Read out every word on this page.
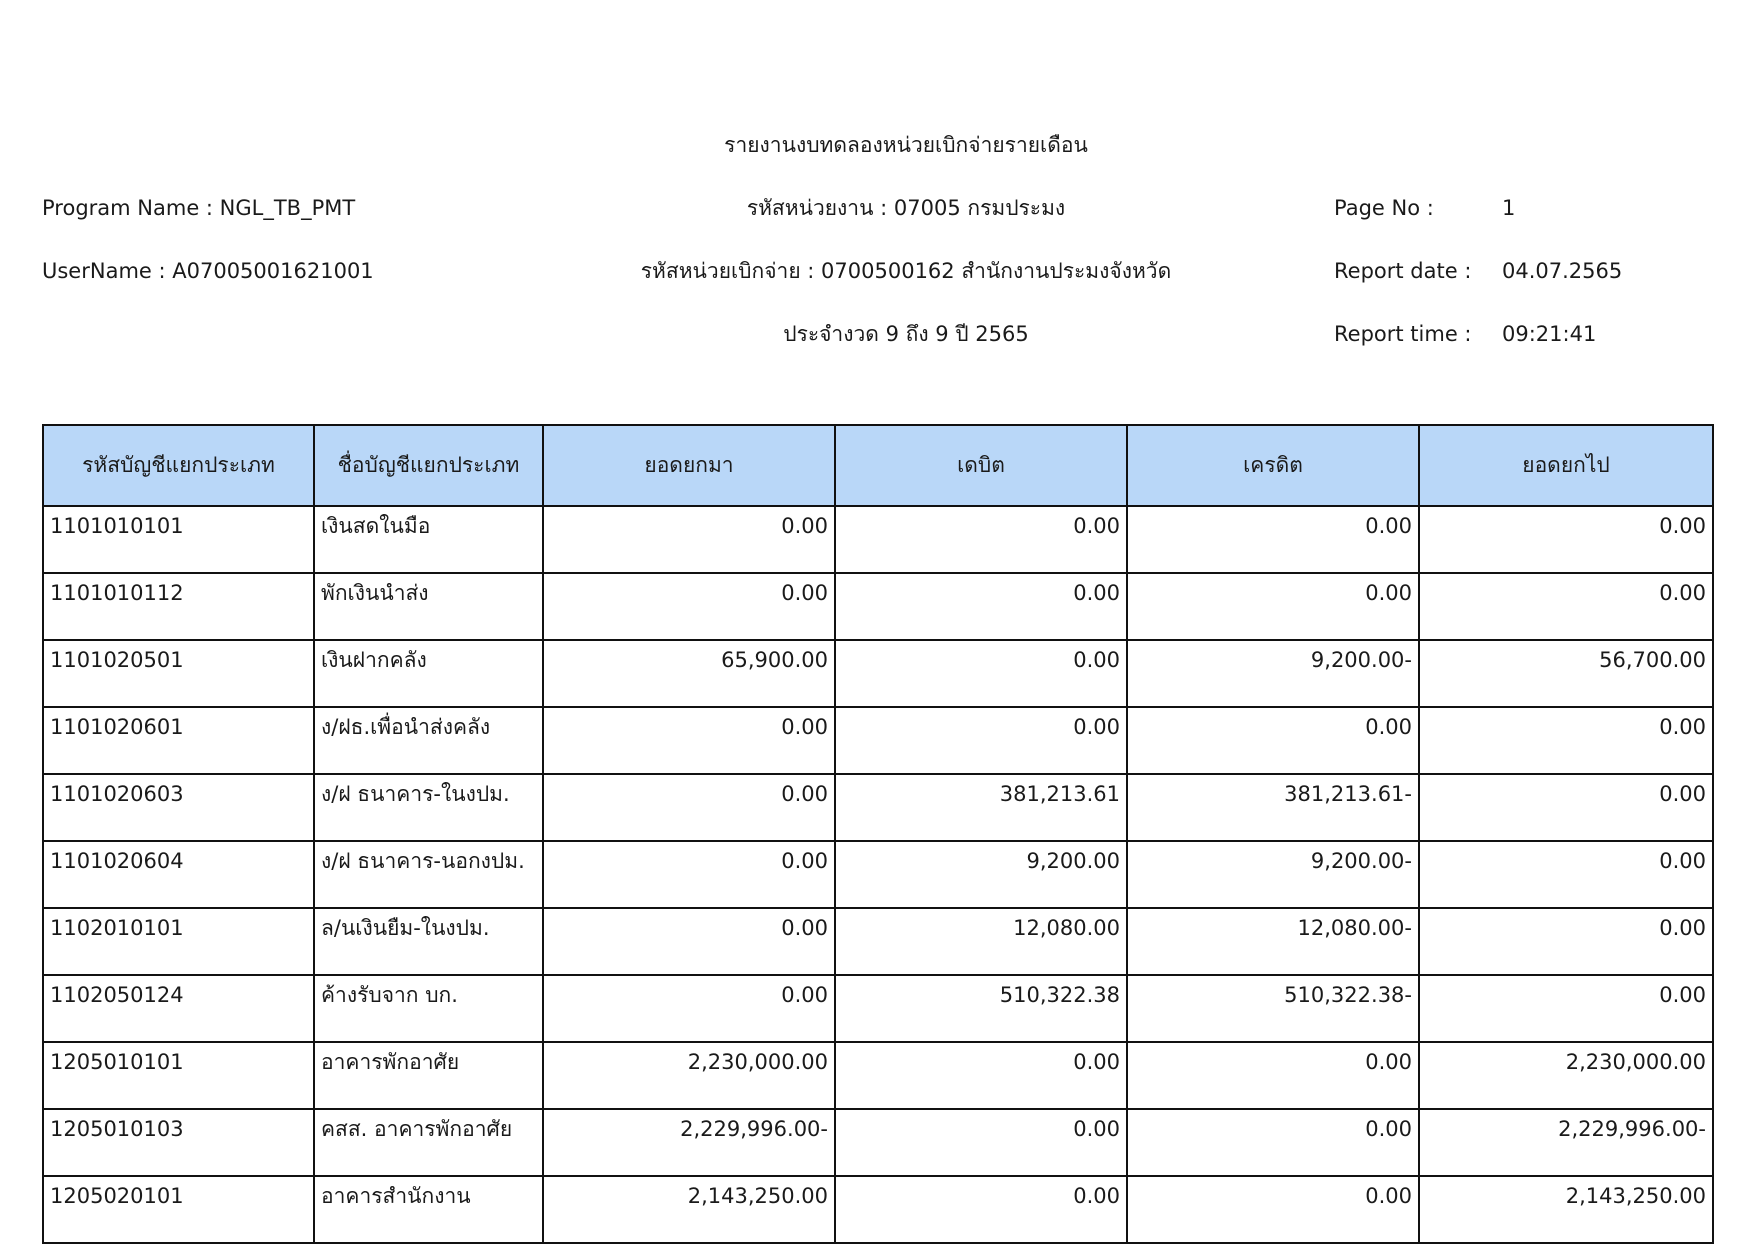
รายงานงบทดลองหน่วยเบิกจ่ายรายเดือน
รหัสหน่วยงาน : 07005 กรมประมง
รหัสหน่วยเบิกจ่าย : 0700500162 สำนักงานประมงจังหวัด
ประจำงวด 9 ถึง 9 ปี 2565
Program Name : NGL_TB_PMT
UserName : A07005001621001
Page No :	1
Report date : 04.07.2565
Report time : 09:21:41
รหัสบัญชีแยกประเภท	ชื่อบัญชีแยกประเภท	ยอดยกมา	เดบิต	เครดิต	ยอดยกไป
1101010101	เงินสดในมือ	0.00	0.00	0.00	0.00
1101010112	พักเงินนำส่ง	0.00	0.00	0.00	0.00
1101020501	เงินฝากคลัง	65,900.00	0.00	9,200.00-	56,700.00
1101020601	ง/ฝธ.เพื่อนำส่งคลัง	0.00	0.00	0.00	0.00
1101020603	ง/ฝ ธนาคาร-ในงปม.	0.00	381,213.61	381,213.61-	0.00
1101020604	ง/ฝ ธนาคาร-นอกงปม.	0.00	9,200.00	9,200.00-	0.00
1102010101	ล/นเงินยืม-ในงปม.	0.00	12,080.00	12,080.00-	0.00
1102050124	ค้างรับจาก บก.	0.00	510,322.38	510,322.38-	0.00
1205010101	อาคารพักอาศัย	2,230,000.00	0.00	0.00	2,230,000.00
1205010103	คสส. อาคารพักอาศัย	2,229,996.00-	0.00	0.00	2,229,996.00-
1205020101	อาคารสำนักงาน	2,143,250.00	0.00	0.00	2,143,250.00
